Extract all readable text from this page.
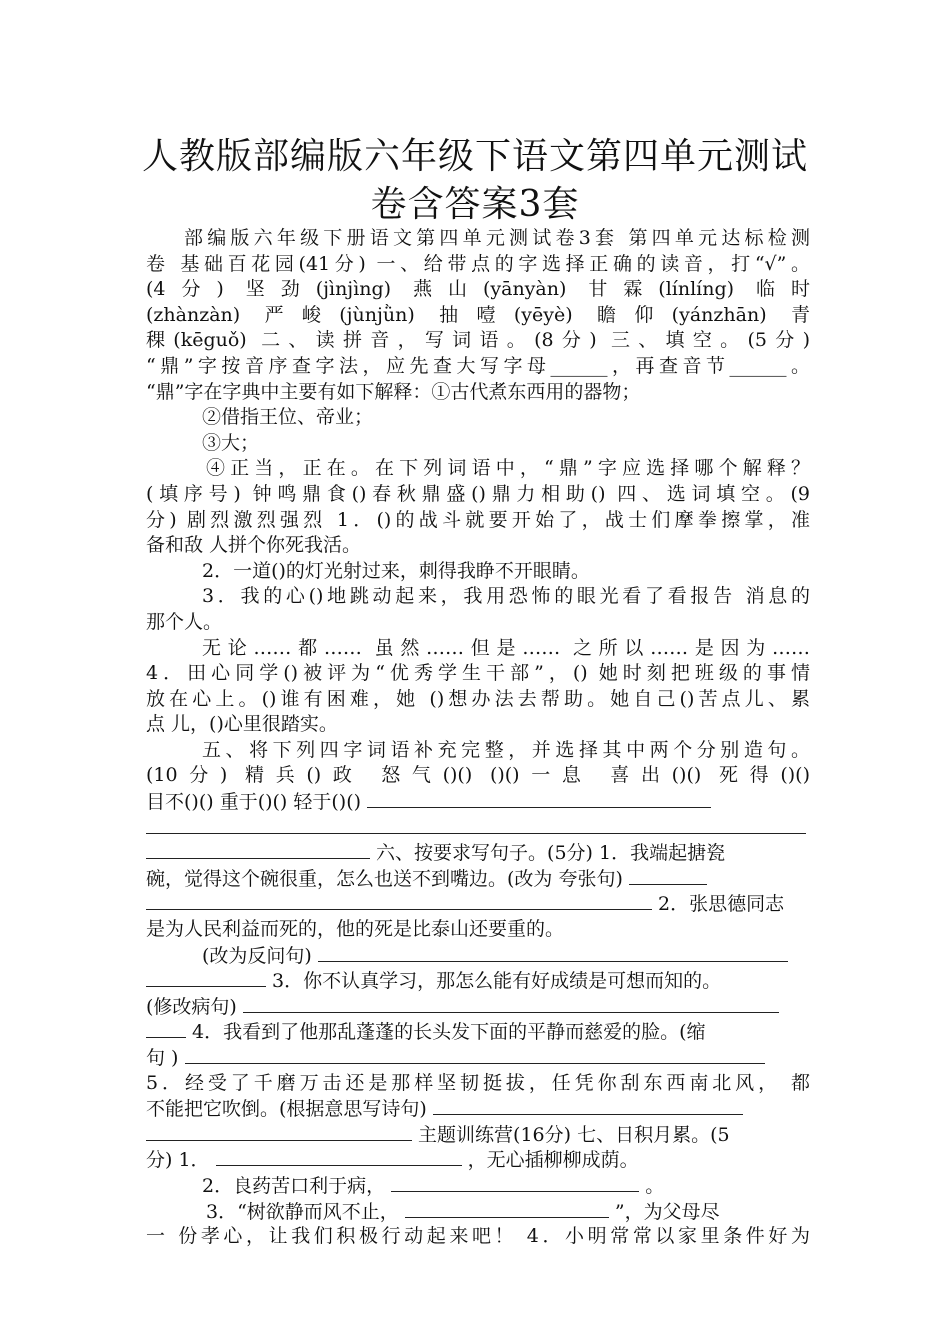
人教版部编版六年级下语文第四单元测试
卷含答案3套
部编版六年级下册语文第四单元测试卷3套 第四单元达标检测
卷 基础百花园(41分) 一、给带点的字选择正确的读音，打“√”。
(4分) 坚劲(jìnjìng) 燕山(yānyàn) 甘霖(línlíng) 临时
(zhànzàn) 严峻(jùnjǜn) 抽噎(yēyè) 瞻仰(yánzhān) 青
稞(kēguǒ) 二、读拼音，写词语。(8分) 三、填空。(5分)
“鼎”字按音序查字法，应先查大写字母______，再查音节______。
“鼎”字在字典中主要有如下解释：①古代煮东西用的器物；
②借指王位、帝业；
③大；
④正当，正在。在下列词语中，“鼎”字应选择哪个解释？
(填序号) 钟鸣鼎食()春秋鼎盛()鼎力相助() 四、选词填空。(9
分) 剧烈激烈强烈 1．()的战斗就要开始了，战士们摩拳擦掌，准
备和敌 人拼个你死我活。
2．一道()的灯光射过来，刺得我睁不开眼睛。
3．我的心()地跳动起来，我用恐怖的眼光看了看报告 消息的
那个人。
无论……都…… 虽然……但是…… 之所以……是因为……
4．田心同学()被评为“优秀学生干部”，() 她时刻把班级的事情
放在心上。()谁有困难，她 ()想办法去帮助。她自己()苦点儿、累
点 儿，()心里很踏实。
五、将下列四字词语补充完整，并选择其中两个分别造句。
(10分) 精兵()政 怒气()() ()()一息 喜出()() 死得()()
目不()() 重于()() 轻于()()
六、按要求写句子。(5分) 1．我端起搪瓷
碗，觉得这个碗很重，怎么也送不到嘴边。(改为 夸张句)
2．张思德同志
是为人民利益而死的，他的死是比泰山还要重的。
(改为反问句)
3．你不认真学习，那怎么能有好成绩是可想而知的。
(修改病句)
4．我看到了他那乱蓬蓬的长头发下面的平静而慈爱的脸。(缩
句 )
5．经受了千磨万击还是那样坚韧挺拔，任凭你刮东西南北风， 都
不能把它吹倒。(根据意思写诗句)
主题训练营(16分) 七、日积月累。(5
分) 1．	，无心插柳柳成荫。
2．良药苦口利于病，	。
3．“树欲静而风不止，	”，为父母尽
一 份孝心，让我们积极行动起来吧！ 4．小明常常以家里条件好为
